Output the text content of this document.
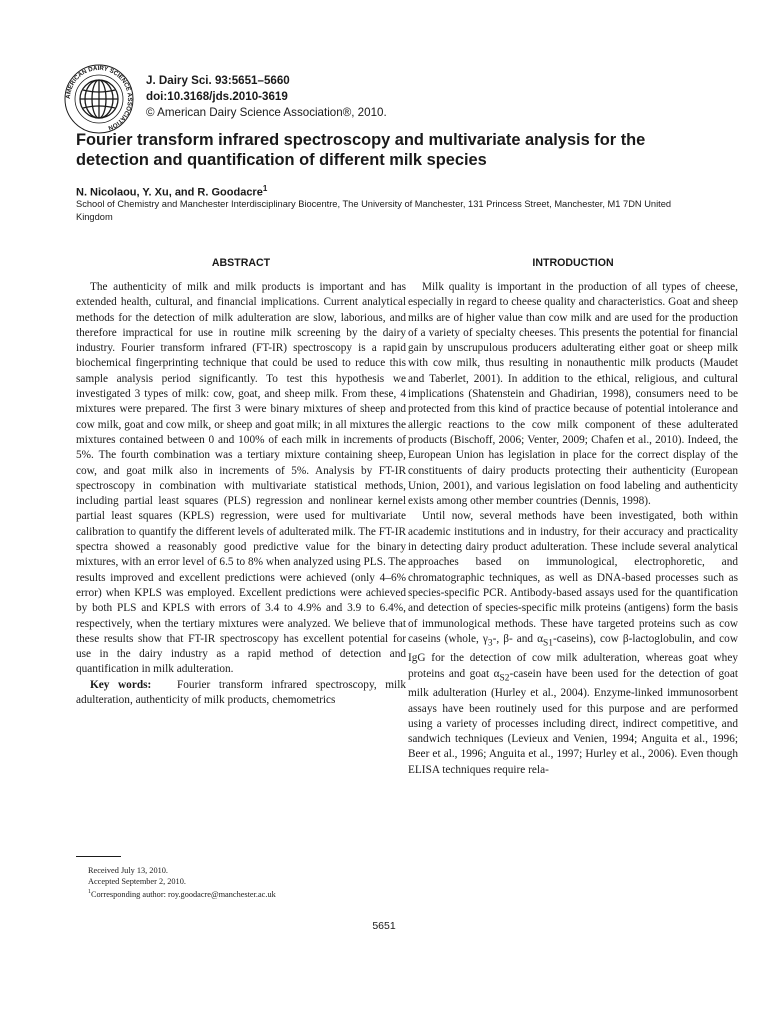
AMERICAN DAIRY SCIENCE ASSOCIATION
J. Dairy Sci. 93:5651–5660
doi:10.3168/jds.2010-3619
© American Dairy Science Association®, 2010.
Fourier transform infrared spectroscopy and multivariate analysis for the detection and quantification of different milk species
N. Nicolaou, Y. Xu, and R. Goodacre$^1$
School of Chemistry and Manchester Interdisciplinary Biocentre, The University of Manchester, 131 Princess Street, Manchester, M1 7DN United Kingdom
ABSTRACT	INTRODUCTION

The authenticity of milk and milk products is important and has extended health, cultural, and financial implications. Current analytical methods for the detection of milk adulteration are slow, laborious, and therefore impractical for use in routine milk screening by the dairy industry. Fourier transform infrared (FT-IR) spectroscopy is a rapid biochemical fingerprinting technique that could be used to reduce this sample analysis period significantly. To test this hypothesis we investigated 3 types of milk: cow, goat, and sheep milk. From these, 4 mixtures were prepared. The first 3 were binary mixtures of sheep and cow milk, goat and cow milk, or sheep and goat milk; in all mixtures the mixtures contained between 0 and 100% of each milk in increments of 5%. The fourth combination was a tertiary mixture containing sheep, cow, and goat milk also in increments of 5%. Analysis by FT-IR spectroscopy in combination with multivariate statistical methods, including partial least squares (PLS) regression and nonlinear kernel partial least squares (KPLS) regression, were used for multivariate calibration to quantify the different levels of adulterated milk. The FT-IR spectra showed a reasonably good predictive value for the binary mixtures, with an error level of 6.5 to 8% when analyzed using PLS. The results improved and excellent predictions were achieved (only 4–6% error) when KPLS was employed. Excellent predictions were achieved by both PLS and KPLS with errors of 3.4 to 4.9% and 3.9 to 6.4%, respectively, when the tertiary mixtures were analyzed. We believe that these results show that FT-IR spectroscopy has excellent potential for use in the dairy industry as a rapid method of detection and quantification in milk adulteration.

Key words: Fourier transform infrared spectroscopy, milk adulteration, authenticity of milk products, chemometrics

Milk quality is important in the production of all types of cheese, especially in regard to cheese quality and characteristics. Goat and sheep milks are of higher value than cow milk and are used for the production of a variety of specialty cheeses. This presents the potential for financial gain by unscrupulous producers adulterating either goat or sheep milk with cow milk, thus resulting in nonauthentic milk products (Maudet and Taberlet, 2001). In addition to the ethical, religious, and cultural implications (Shatenstein and Ghadirian, 1998), consumers need to be protected from this kind of practice because of potential intolerance and allergic reactions to the cow milk component of these adulterated products (Bischoff, 2006; Venter, 2009; Chafen et al., 2010). Indeed, the European Union has legislation in place for the correct display of the constituents of dairy products protecting their authenticity (European Union, 2001), and various legislation on food labeling and authenticity exists among other member countries (Dennis, 1998).

Until now, several methods have been investigated, both within academic institutions and in industry, for their accuracy and practicality in detecting dairy product adulteration. These include several analytical approaches based on immunological, electrophoretic, and chromatographic techniques, as well as DNA-based processes such as species-specific PCR. Antibody-based assays used for the quantification and detection of species-specific milk proteins (antigens) form the basis of immunological methods. These have targeted proteins such as cow caseins (whole, $\gamma_3-$, β- and $\alpha_{S1}-caseins$), cow β-lactoglobulin, and cow IgG for the detection of cow milk adulteration, whereas goat whey proteins and goat $\alpha_{S2}$-casein have been used for the detection of goat milk adulteration (Hurley et al., 2004). Enzyme-linked immunosorbent assays have been routinely used for this purpose and are performed using a variety of processes including direct, indirect competitive, and sandwich techniques (Levieux and Venien, 1994; Anguita et al., 1996; Beer et al., 1996; Anguita et al., 1997; Hurley et al., 2006). Even though ELISA techniques require rela-

Received July 13, 2010.
Accepted September 2, 2010.
$^1$Corresponding author: roy.goodacre@manchester.ac.uk
5651
